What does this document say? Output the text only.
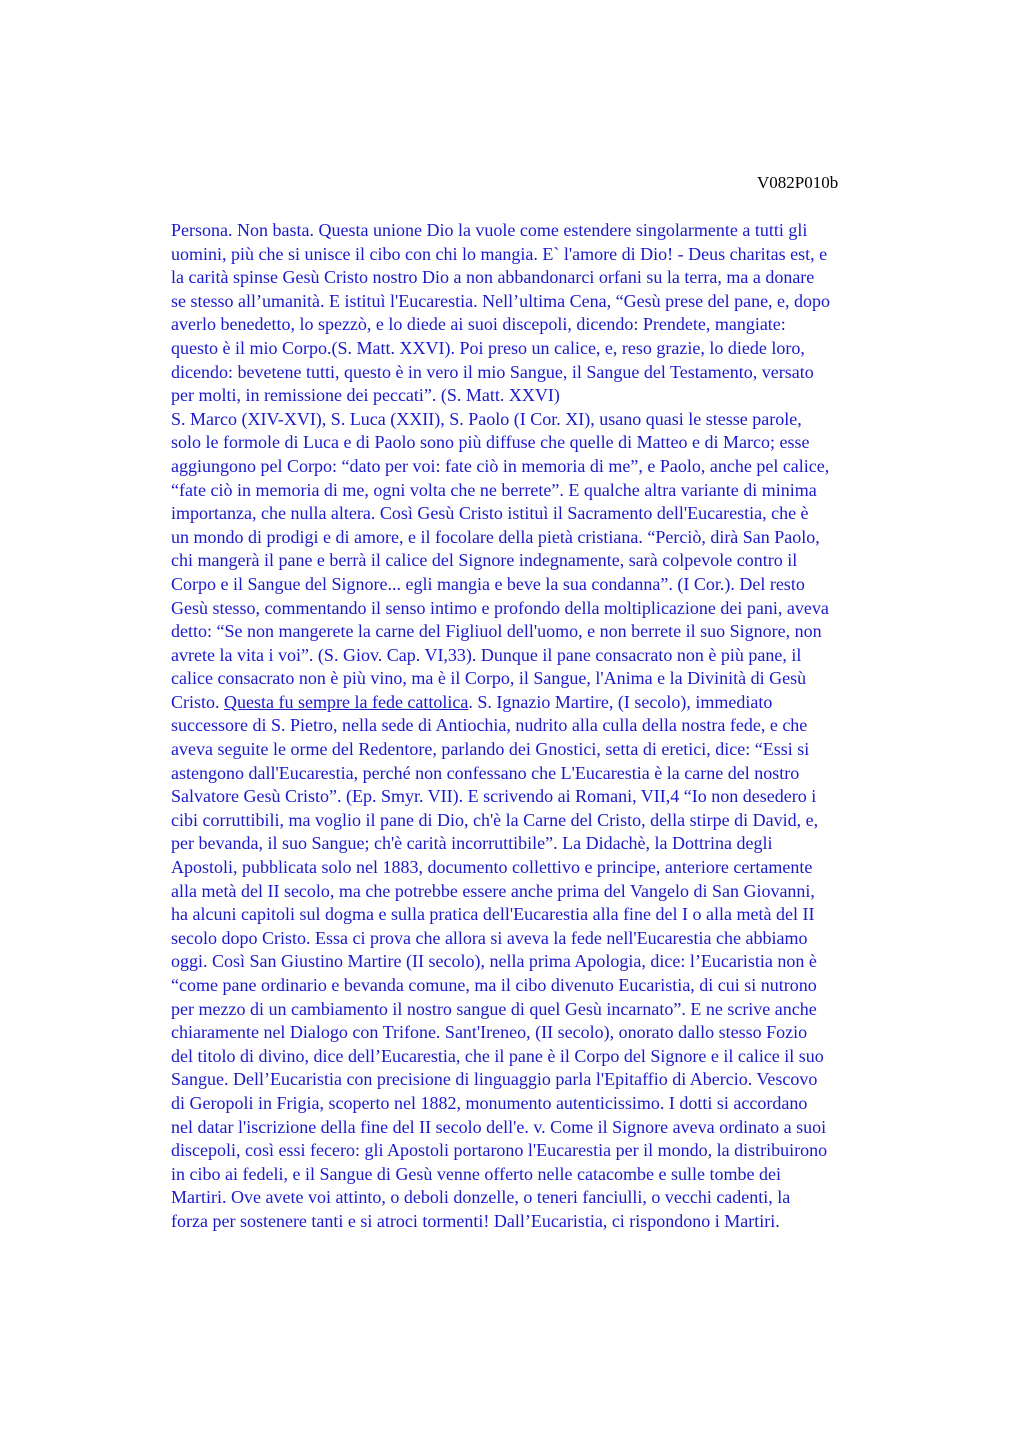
V082P010b
Persona. Non basta. Questa unione Dio la vuole come estendere singolarmente a tutti gli
uomini, più che si unisce il cibo con chi lo mangia. E` l'amore di Dio! - Deus charitas est, e
la carità spinse Gesù Cristo nostro Dio a non abbandonarci orfani su la terra, ma a donare
se stesso all’umanità. E istituì l'Eucarestia. Nell’ultima Cena, “Gesù prese del pane, e, dopo
averlo benedetto, lo spezzò, e lo diede ai suoi discepoli, dicendo: Prendete, mangiate:
questo è il mio Corpo.(S. Matt. XXVI). Poi preso un calice, e, reso grazie, lo diede loro,
dicendo: bevetene tutti, questo è in vero il mio Sangue, il Sangue del Testamento, versato
per molti, in remissione dei peccati”. (S. Matt. XXVI)
S. Marco (XIV-XVI), S. Luca (XXII), S. Paolo (I Cor. XI), usano quasi le stesse parole,
solo le formole di Luca e di Paolo sono più diffuse che quelle di Matteo e di Marco; esse
aggiungono pel Corpo: “dato per voi: fate ciò in memoria di me”, e Paolo, anche pel calice,
“fate ciò in memoria di me, ogni volta che ne berrete”. E qualche altra variante di minima
importanza, che nulla altera. Così Gesù Cristo istituì il Sacramento dell'Eucarestia, che è
un mondo di prodigi e di amore, e il focolare della pietà cristiana. “Perciò, dirà San Paolo,
chi mangerà il pane e berrà il calice del Signore indegnamente, sarà colpevole contro il
Corpo e il Sangue del Signore... egli mangia e beve la sua condanna”. (I Cor.). Del resto
Gesù stesso, commentando il senso intimo e profondo della moltiplicazione dei pani, aveva
detto: “Se non mangerete la carne del Figliuol dell'uomo, e non berrete il suo Signore, non
avrete la vita i voi”. (S. Giov. Cap. VI,33). Dunque il pane consacrato non è più pane, il
calice consacrato non è più vino, ma è il Corpo, il Sangue, l'Anima e la Divinità di Gesù
Cristo. Questa fu sempre la fede cattolica. S. Ignazio Martire, (I secolo), immediato
successore di S. Pietro, nella sede di Antiochia, nudrito alla culla della nostra fede, e che
aveva seguite le orme del Redentore, parlando dei Gnostici, setta di eretici, dice: “Essi si
astengono dall'Eucarestia, perché non confessano che L'Eucarestia è la carne del nostro
Salvatore Gesù Cristo”. (Ep. Smyr. VII). E scrivendo ai Romani, VII,4 “Io non desedero i
cibi corruttibili, ma voglio il pane di Dio, ch'è la Carne del Cristo, della stirpe di David, e,
per bevanda, il suo Sangue; ch'è carità incorruttibile”. La Didachè, la Dottrina degli
Apostoli, pubblicata solo nel 1883, documento collettivo e principe, anteriore certamente
alla metà del II secolo, ma che potrebbe essere anche prima del Vangelo di San Giovanni,
ha alcuni capitoli sul dogma e sulla pratica dell'Eucarestia alla fine del I o alla metà del II
secolo dopo Cristo. Essa ci prova che allora si aveva la fede nell'Eucarestia che abbiamo
oggi. Così San Giustino Martire (II secolo), nella prima Apologia, dice: l’Eucaristia non è
“come pane ordinario e bevanda comune, ma il cibo divenuto Eucaristia, di cui si nutrono
per mezzo di un cambiamento il nostro sangue di quel Gesù incarnato”. E ne scrive anche
chiaramente nel Dialogo con Trifone. Sant'Ireneo, (II secolo), onorato dallo stesso Fozio
del titolo di divino, dice dell’Eucarestia, che il pane è il Corpo del Signore e il calice il suo
Sangue. Dell’Eucaristia con precisione di linguaggio parla l'Epitaffio di Abercio. Vescovo
di Geropoli in Frigia, scoperto nel 1882, monumento autenticissimo. I dotti si accordano
nel datar l'iscrizione della fine del II secolo dell'e. v. Come il Signore aveva ordinato a suoi
discepoli, così essi fecero: gli Apostoli portarono l'Eucarestia per il mondo, la distribuirono
in cibo ai fedeli, e il Sangue di Gesù venne offerto nelle catacombe e sulle tombe dei
Martiri. Ove avete voi attinto, o deboli donzelle, o teneri fanciulli, o vecchi cadenti, la
forza per sostenere tanti e si atroci tormenti! Dall’Eucaristia, ci rispondono i Martiri.
